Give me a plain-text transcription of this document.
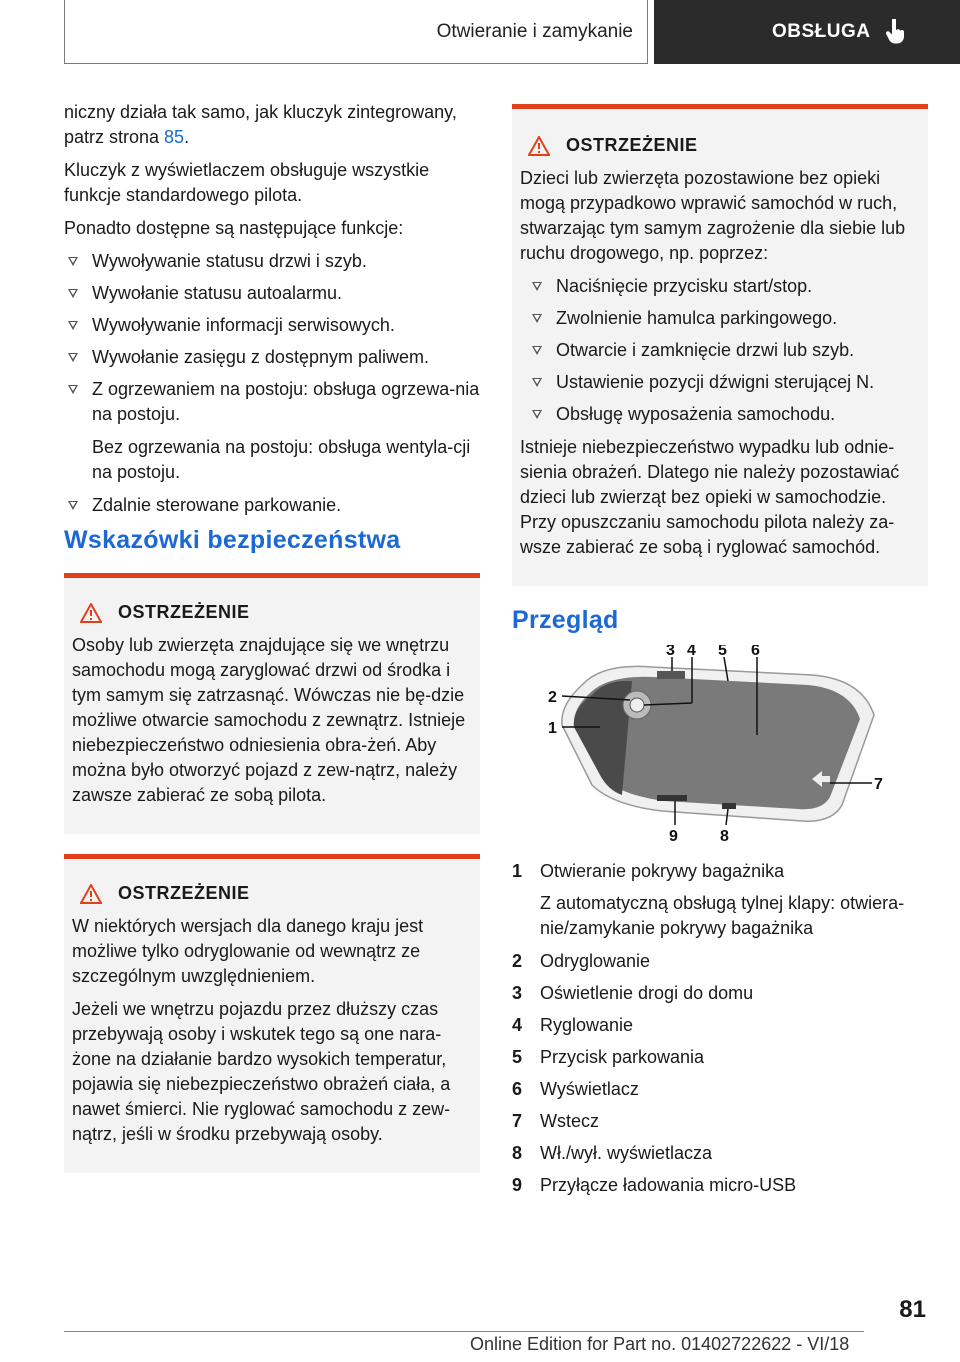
Otwieranie i zamykanie	OBSŁUGA

niczny działa tak samo, jak kluczyk zintegrowany, patrz strona 85.

Kluczyk z wyświetlaczem obsługuje wszystkie funkcje standardowego pilota.

Ponadto dostępne są następujące funkcje:

Wywoływanie statusu drzwi i szyb.
Wywołanie statusu autoalarmu.
Wywoływanie informacji serwisowych.
Wywołanie zasięgu z dostępnym paliwem.
Z ogrzewaniem na postoju: obsługa ogrzewa‐nia na postoju.

Bez ogrzewania na postoju: obsługa wentyla‐cji na postoju.

Zdalnie sterowane parkowanie.
Wskazówki bezpieczeństwa
OSTRZEŻENIE

Osoby lub zwierzęta znajdujące się we wnętrzu samochodu mogą zaryglować drzwi od środka i tym samym się zatrzasnąć. Wówczas nie bę‐dzie możliwe otwarcie samochodu z zewnątrz. Istnieje niebezpieczeństwo odniesienia obra‐żeń. Aby można było otworzyć pojazd z zew‐nątrz, należy zawsze zabierać ze sobą pilota.

OSTRZEŻENIE

W niektórych wersjach dla danego kraju jest możliwe tylko odryglowanie od wewnątrz ze szczególnym uwzględnieniem.

Jeżeli we wnętrzu pojazdu przez dłuższy czas przebywają osoby i wskutek tego są one nara‐żone na działanie bardzo wysokich temperatur, pojawia się niebezpieczeństwo obrażeń ciała, a nawet śmierci. Nie ryglować samochodu z zew‐nątrz, jeśli w środku przebywają osoby.

OSTRZEŻENIE

Dzieci lub zwierzęta pozostawione bez opieki mogą przypadkowo wprawić samochód w ruch, stwarzając tym samym zagrożenie dla siebie lub ruchu drogowego, np. poprzez:

Naciśnięcie przycisku start/stop.
Zwolnienie hamulca parkingowego.
Otwarcie i zamknięcie drzwi lub szyb.
Ustawienie pozycji dźwigni sterującej N.
Obsługę wyposażenia samochodu.

Istnieje niebezpieczeństwo wypadku lub odnie‐sienia obrażeń. Dlatego nie należy pozostawiać dzieci lub zwierząt bez opieki w samochodzie. Przy opuszczaniu samochodu pilota należy za‐wsze zabierać ze sobą i ryglować samochód.

Przegląd
1
2
3 4 5 6
7
9	8
1 Otwieranie pokrywy bagażnika

Z automatyczną obsługą tylnej klapy: otwiera‐nie/zamykanie pokrywy bagażnika

2 Odryglowanie
3 Oświetlenie drogi do domu
4 Ryglowanie
5 Przycisk parkowania
6 Wyświetlacz
7 Wstecz
8 Wł./wył. wyświetlacza
9 Przyłącze ładowania micro-USB
81
Online Edition for Part no. 01402722622 - VI/18
